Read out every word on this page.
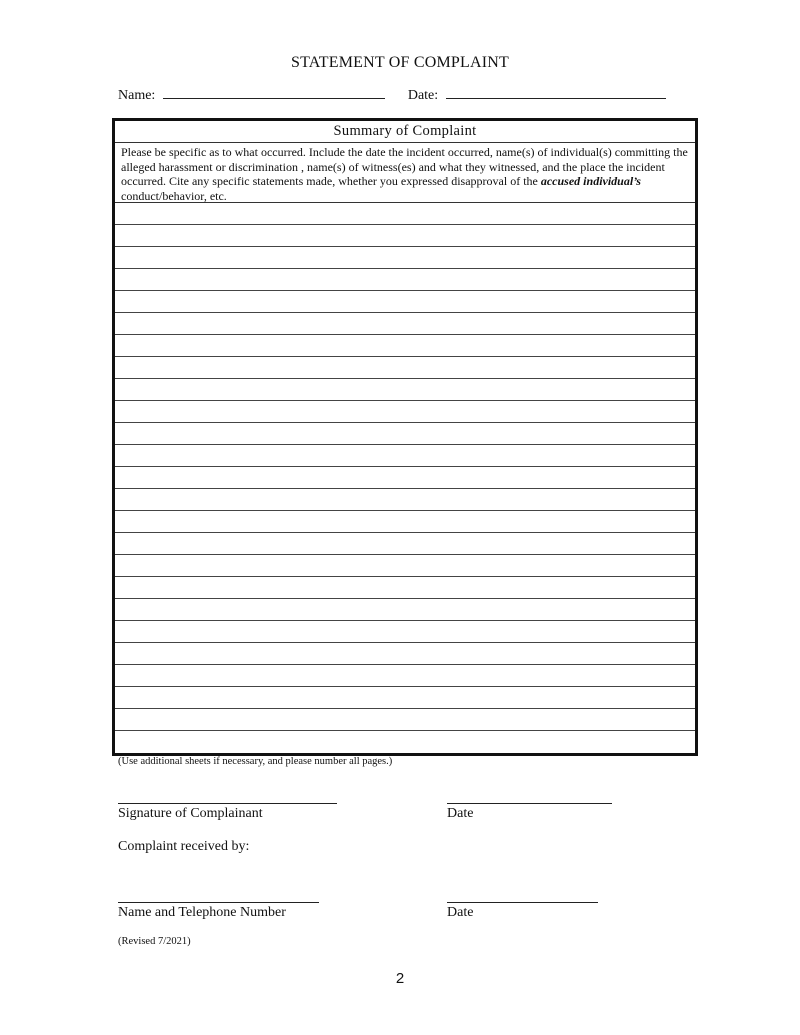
STATEMENT OF COMPLAINT
Name:	Date:
Summary of Complaint
Please be specific as to what occurred. Include the date the incident occurred, name(s) of individual(s) committing the alleged harassment or discrimination , name(s) of witness(es) and what they witnessed, and the place the incident occurred. Cite any specific statements made, whether you expressed disapproval of the accused individual’s conduct/behavior, etc.
(Use additional sheets if necessary, and please number all pages.)
Signature of Complainant	Date
Complaint received by:
Name and Telephone Number	Date
(Revised 7/2021)
2
